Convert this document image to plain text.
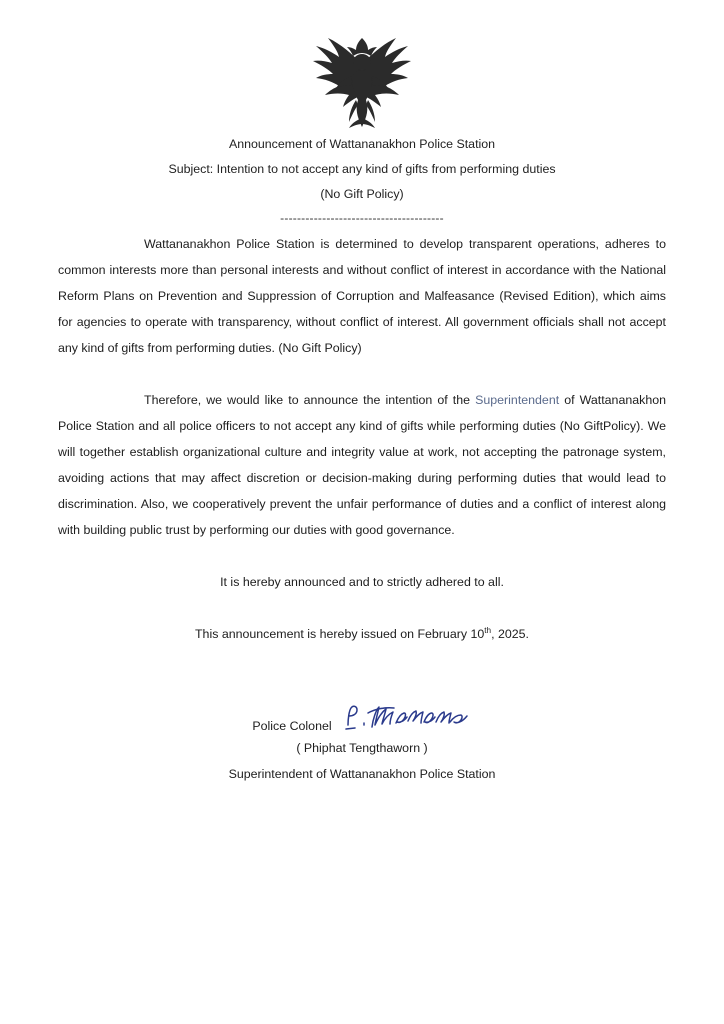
Announcement of Wattananakhon Police Station
Subject: Intention to not accept any kind of gifts from performing duties
(No Gift Policy)
---------------------------------------

Wattananakhon Police Station is determined to develop transparent operations, adheres to common interests more than personal interests and without conflict of interest in accordance with the National Reform Plans on Prevention and Suppression of Corruption and Malfeasance (Revised Edition), which aims for agencies to operate with transparency, without conflict of interest. All government officials shall not accept any kind of gifts from performing duties. (No Gift Policy)

Therefore, we would like to announce the intention of the Superintendent of Wattananakhon Police Station and all police officers to not accept any kind of gifts while performing duties (No GiftPolicy). We will together establish organizational culture and integrity value at work, not accepting the patronage system, avoiding actions that may affect discretion or decision-making during performing duties that would lead to discrimination. Also, we cooperatively prevent the unfair performance of duties and a conflict of interest along with building public trust by performing our duties with good governance.

It is hereby announced and to strictly adhered to all.
This announcement is hereby issued on February 10th, 2025.
Police Colonel
( Phiphat Tengthaworn )
Superintendent of Wattananakhon Police Station
